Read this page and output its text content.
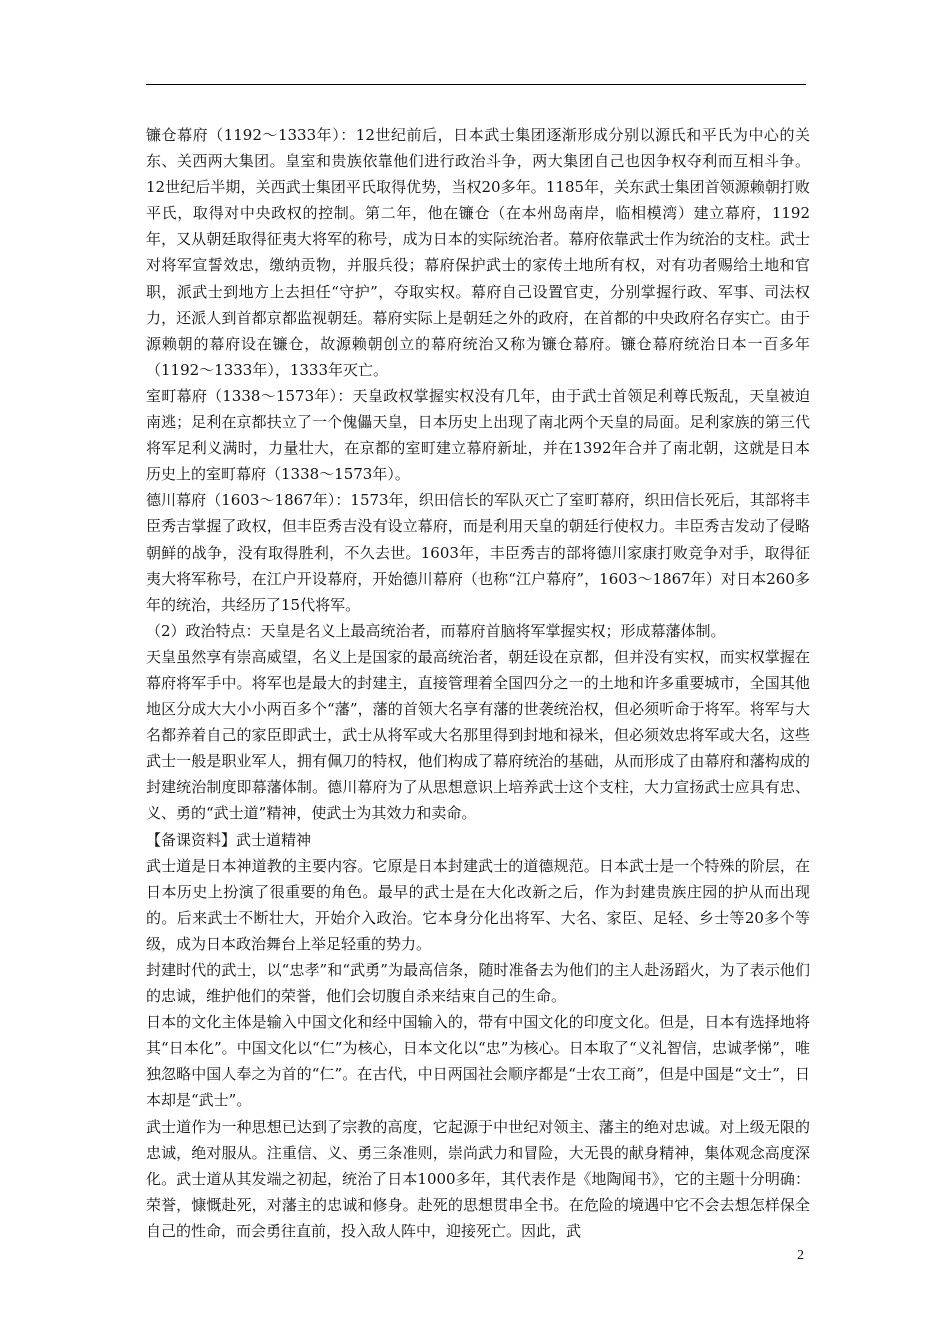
镰仓幕府（1192～1333年）：12世纪前后，日本武士集团逐渐形成分别以源氏和平氏为中心的关东、关西两大集团。皇室和贵族依靠他们进行政治斗争，两大集团自己也因争权夺利而互相斗争。12世纪后半期，关西武士集团平氏取得优势，当权20多年。1185年，关东武士集团首领源赖朝打败平氏，取得对中央政权的控制。第二年，他在镰仓（在本州岛南岸，临相模湾）建立幕府，1192年，又从朝廷取得征夷大将军的称号，成为日本的实际统治者。幕府依靠武士作为统治的支柱。武士对将军宣誓效忠，缴纳贡物，并服兵役；幕府保护武士的家传土地所有权，对有功者赐给土地和官职，派武士到地方上去担任“守护”，夺取实权。幕府自己设置官吏，分别掌握行政、军事、司法权力，还派人到首都京都监视朝廷。幕府实际上是朝廷之外的政府，在首都的中央政府名存实亡。由于源赖朝的幕府设在镰仓，故源赖朝创立的幕府统治又称为镰仓幕府。镰仓幕府统治日本一百多年（1192～1333年），1333年灭亡。

室町幕府（1338～1573年）：天皇政权掌握实权没有几年，由于武士首领足利尊氏叛乱，天皇被迫南逃；足利在京都扶立了一个傀儡天皇，日本历史上出现了南北两个天皇的局面。足利家族的第三代将军足利义满时，力量壮大，在京都的室町建立幕府新址，并在1392年合并了南北朝，这就是日本历史上的室町幕府（1338～1573年）。

德川幕府（1603～1867年）：1573年，织田信长的军队灭亡了室町幕府，织田信长死后，其部将丰臣秀吉掌握了政权，但丰臣秀吉没有设立幕府，而是利用天皇的朝廷行使权力。丰臣秀吉发动了侵略朝鲜的战争，没有取得胜利，不久去世。1603年，丰臣秀吉的部将德川家康打败竞争对手，取得征夷大将军称号，在江户开设幕府，开始德川幕府（也称“江户幕府”，1603～1867年）对日本260多年的统治，共经历了15代将军。

（2）政治特点：天皇是名义上最高统治者，而幕府首脑将军掌握实权；形成幕藩体制。

天皇虽然享有崇高威望，名义上是国家的最高统治者，朝廷设在京都，但并没有实权，而实权掌握在幕府将军手中。将军也是最大的封建主，直接管理着全国四分之一的土地和许多重要城市，全国其他地区分成大大小小两百多个“藩”，藩的首领大名享有藩的世袭统治权，但必须听命于将军。将军与大名都养着自己的家臣即武士，武士从将军或大名那里得到封地和禄米，但必须效忠将军或大名，这些武士一般是职业军人，拥有佩刀的特权，他们构成了幕府统治的基础，从而形成了由幕府和藩构成的封建统治制度即幕藩体制。德川幕府为了从思想意识上培养武士这个支柱，大力宣扬武士应具有忠、义、勇的“武士道”精神，使武士为其效力和卖命。

【备课资料】武士道精神

武士道是日本神道教的主要内容。它原是日本封建武士的道德规范。日本武士是一个特殊的阶层，在日本历史上扮演了很重要的角色。最早的武士是在大化改新之后，作为封建贵族庄园的护从而出现的。后来武士不断壮大，开始介入政治。它本身分化出将军、大名、家臣、足轻、乡士等20多个等级，成为日本政治舞台上举足轻重的势力。

封建时代的武士，以“忠孝”和“武勇”为最高信条，随时准备去为他们的主人赴汤蹈火，为了表示他们的忠诚，维护他们的荣誉，他们会切腹自杀来结束自己的生命。

日本的文化主体是输入中国文化和经中国输入的，带有中国文化的印度文化。但是，日本有选择地将其“日本化”。中国文化以“仁”为核心，日本文化以“忠”为核心。日本取了“义礼智信，忠诚孝悌”，唯独忽略中国人奉之为首的“仁”。在古代，中日两国社会顺序都是“士农工商”，但是中国是“文士”，日本却是“武士”。

武士道作为一种思想已达到了宗教的高度，它起源于中世纪对领主、藩主的绝对忠诚。对上级无限的忠诚，绝对服从。注重信、义、勇三条准则，崇尚武力和冒险，大无畏的献身精神，集体观念高度深化。武士道从其发端之初起，统治了日本1000多年，其代表作是《地陶闻书》，它的主题十分明确：荣誉，慷慨赴死，对藩主的忠诚和修身。赴死的思想贯串全书。在危险的境遇中它不会去想怎样保全自己的性命，而会勇往直前，投入敌人阵中，迎接死亡。因此，武

2
